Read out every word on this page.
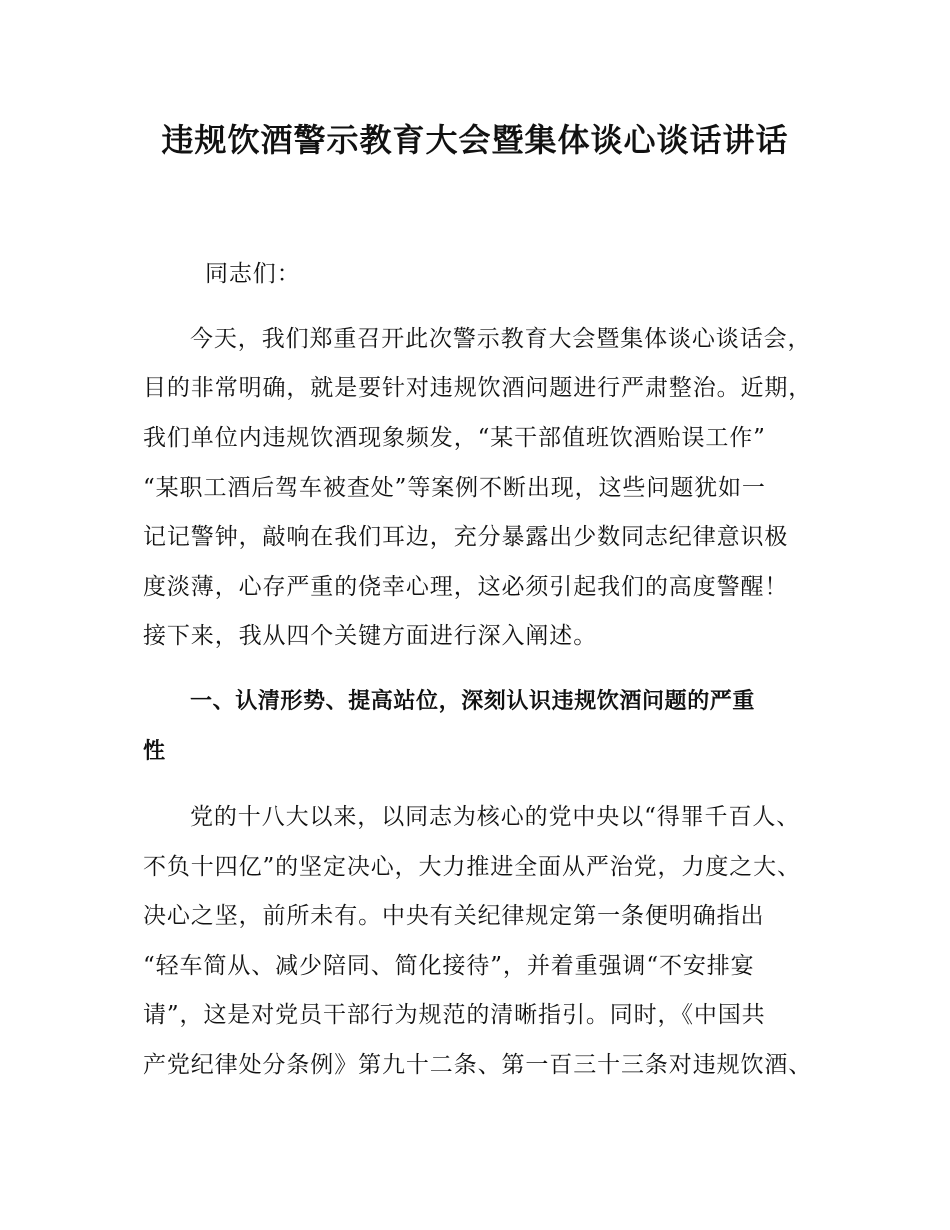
违规饮酒警示教育大会暨集体谈心谈话讲话
同志们：
今天，我们郑重召开此次警示教育大会暨集体谈心谈话会，
目的非常明确，就是要针对违规饮酒问题进行严肃整治。近期，
我们单位内违规饮酒现象频发，“某干部值班饮酒贻误工作”
“某职工酒后驾车被查处”等案例不断出现，这些问题犹如一
记记警钟，敲响在我们耳边，充分暴露出少数同志纪律意识极
度淡薄，心存严重的侥幸心理，这必须引起我们的高度警醒！
接下来，我从四个关键方面进行深入阐述。
一、认清形势、提高站位，深刻认识违规饮酒问题的严重
性
党的十八大以来，以同志为核心的党中央以“得罪千百人、
不负十四亿”的坚定决心，大力推进全面从严治党，力度之大、
决心之坚，前所未有。中央有关纪律规定第一条便明确指出
“轻车简从、减少陪同、简化接待”，并着重强调“不安排宴
请”，这是对党员干部行为规范的清晰指引。同时，《中国共
产党纪律处分条例》第九十二条、第一百三十三条对违规饮酒、
